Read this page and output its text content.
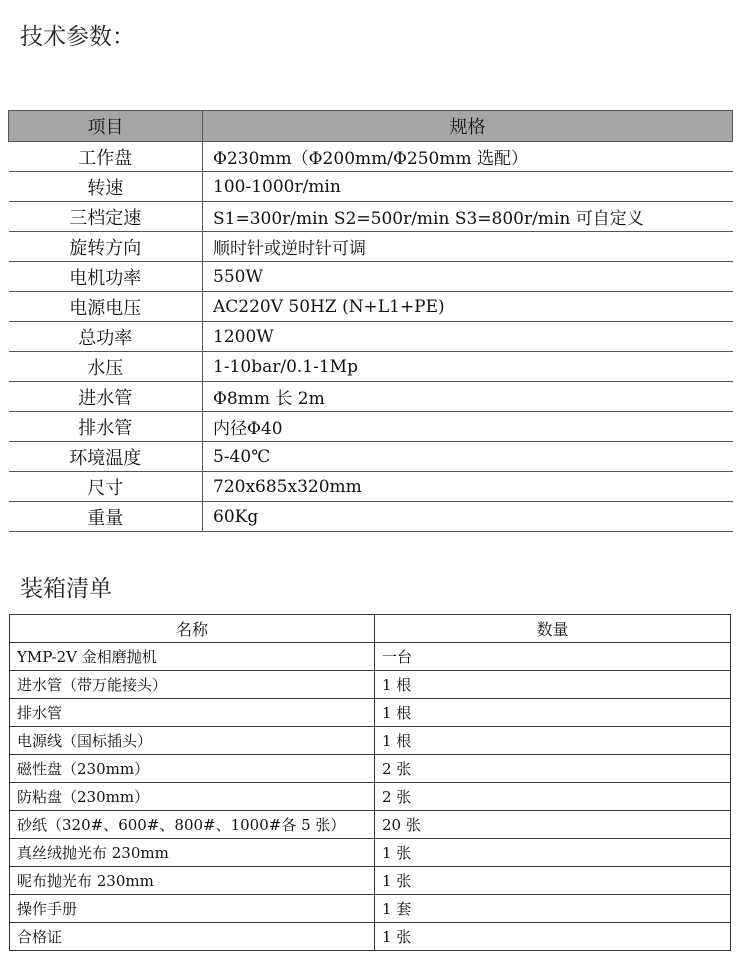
技术参数：
项目	规格
工作盘	Φ230mm（Φ200mm/Φ250mm 选配）
转速	100-1000r/min
三档定速	S1=300r/min S2=500r/min S3=800r/min 可自定义
旋转方向	顺时针或逆时针可调
电机功率	550W
电源电压	AC220V 50HZ (N+L1+PE)
总功率	1200W
水压	1-10bar/0.1-1Mp
进水管	Φ8mm 长 2m
排水管	内径Φ40
环境温度	5-40℃
尺寸	720x685x320mm
重量	60Kg
装箱清单
名称	数量
YMP-2V 金相磨抛机	一台
进水管（带万能接头）	1 根
排水管	1 根
电源线（国标插头）	1 根
磁性盘（230mm）	2 张
防粘盘（230mm）	2 张
砂纸（320#、600#、800#、1000#各 5 张）	20 张
真丝绒抛光布 230mm	1 张
呢布抛光布 230mm	1 张
操作手册	1 套
合格证	1 张
